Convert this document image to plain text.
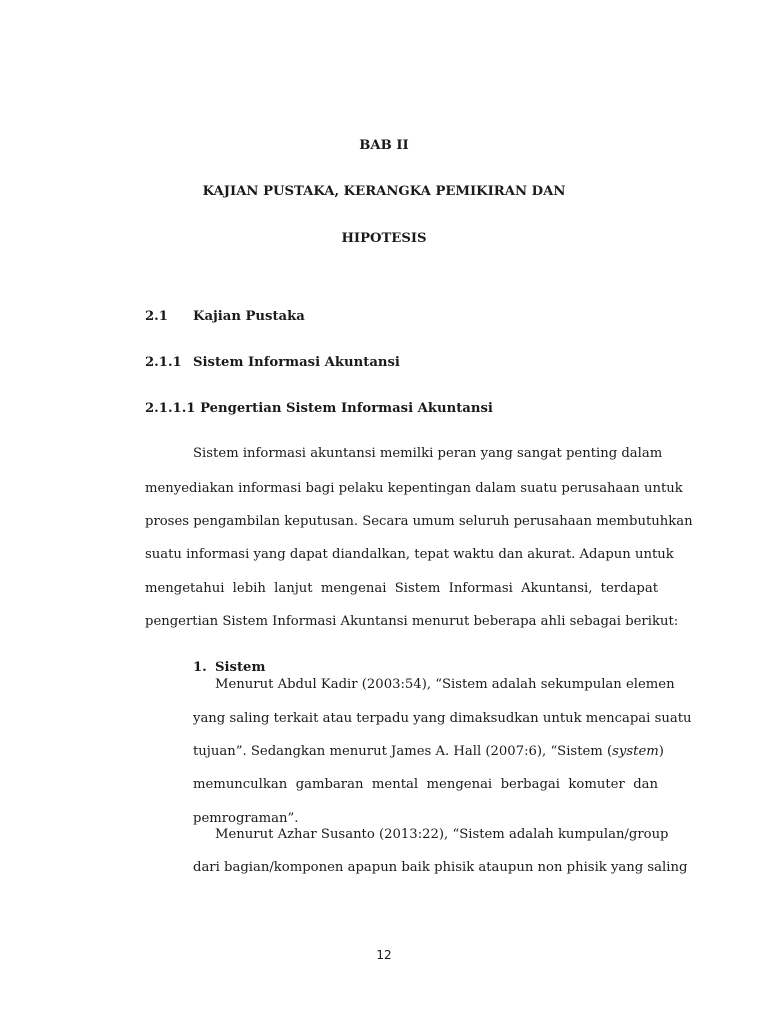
BAB II
KAJIAN PUSTAKA, KERANGKA PEMIKIRAN DAN
HIPOTESIS
2.1 Kajian Pustaka
2.1.1 Sistem Informasi Akuntansi
2.1.1.1 Pengertian Sistem Informasi Akuntansi
Sistem informasi akuntansi memilki peran yang sangat penting dalam
menyediakan informasi bagi pelaku kepentingan dalam suatu perusahaan untuk
proses pengambilan keputusan. Secara umum seluruh perusahaan membutuhkan
suatu informasi yang dapat diandalkan, tepat waktu dan akurat. Adapun untuk
mengetahui lebih lanjut mengenai Sistem Informasi Akuntansi, terdapat
pengertian Sistem Informasi Akuntansi menurut beberapa ahli sebagai berikut:
1. Sistem
Menurut Abdul Kadir (2003:54), “Sistem adalah sekumpulan elemen
yang saling terkait atau terpadu yang dimaksudkan untuk mencapai suatu
tujuan”. Sedangkan menurut James A. Hall (2007:6), “Sistem (system)
memunculkan gambaran mental mengenai berbagai komuter dan
pemrograman”.
Menurut Azhar Susanto (2013:22), “Sistem adalah kumpulan/group
dari bagian/komponen apapun baik phisik ataupun non phisik yang saling
12
